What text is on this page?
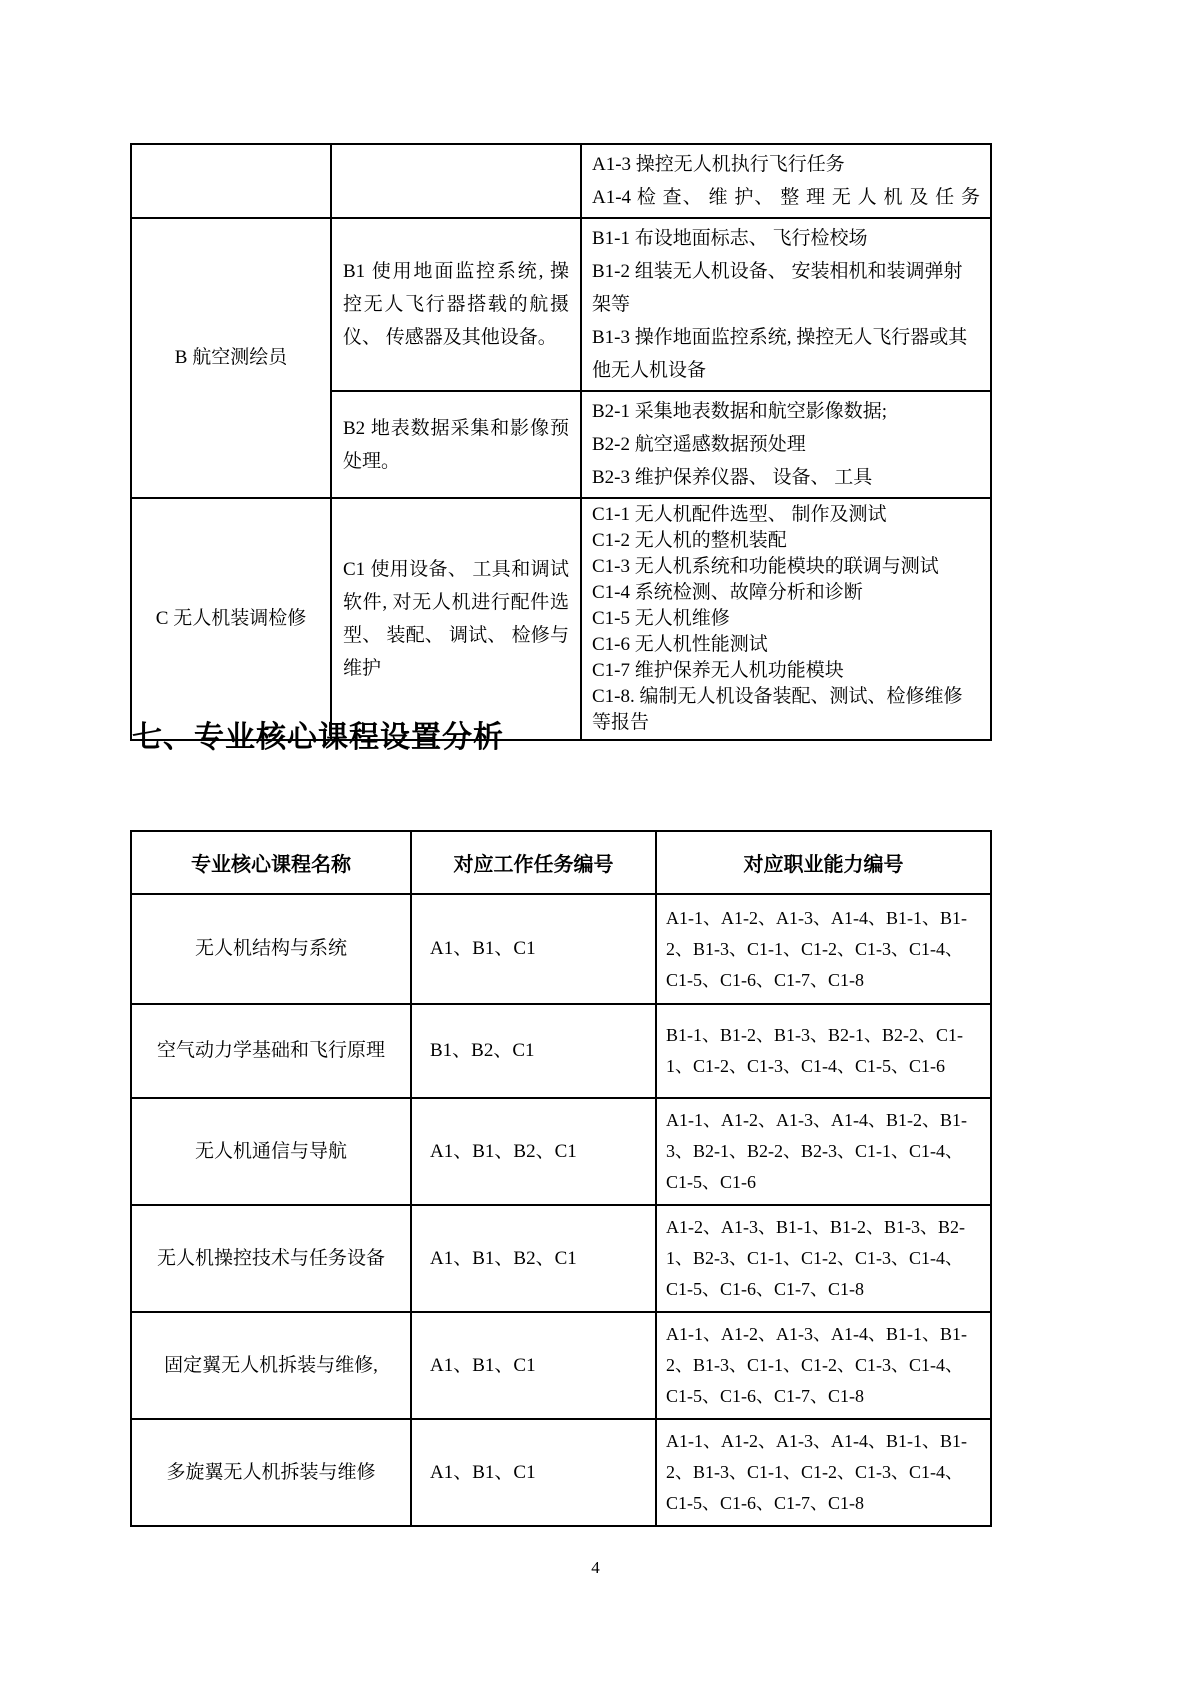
		A1-3 操控无人机执行飞行任务
A1-4 检 查、 维 护、 整 理 无 人 机 及 任 务

B 航空测绘员	B1 使用地面监控系统, 操控无人飞行器搭载的航摄仪、 传感器及其他设备。	B1-1 布设地面标志、 飞行检校场
B1-2 组装无人机设备、 安装相机和装调弹射架等
B1-3 操作地面监控系统, 操控无人飞行器或其他无人机设备

	B2 地表数据采集和影像预处理。	B2-1 采集地表数据和航空影像数据;
B2-2 航空遥感数据预处理
B2-3 维护保养仪器、 设备、 工具

C 无人机装调检修	C1 使用设备、 工具和调试软件, 对无人机进行配件选型、 装配、 调试、 检修与维护	
C1-1 无人机配件选型、 制作及测试
C1-2 无人机的整机装配
C1-3 无人机系统和功能模块的联调与测试
C1-4 系统检测、故障分析和诊断
C1-5 无人机维修
C1-6 无人机性能测试
C1-7 维护保养无人机功能模块
C1-8. 编制无人机设备装配、测试、检修维修等报告
七、专业核心课程设置分析
专业核心课程名称	对应工作任务编号	对应职业能力编号
无人机结构与系统	A1、B1、C1	A1-1、A1-2、A1-3、A1-4、B1-1、B1-2、B1-3、C1-1、C1-2、C1-3、C1-4、C1-5、C1-6、C1-7、C1-8
空气动力学基础和飞行原理	B1、B2、C1	B1-1、B1-2、B1-3、B2-1、B2-2、C1-1、C1-2、C1-3、C1-4、C1-5、C1-6
无人机通信与导航	A1、B1、B2、C1	A1-1、A1-2、A1-3、A1-4、B1-2、B1-3、B2-1、B2-2、B2-3、C1-1、C1-4、C1-5、C1-6
无人机操控技术与任务设备	A1、B1、B2、C1	A1-2、A1-3、B1-1、B1-2、B1-3、B2-1、B2-3、C1-1、C1-2、C1-3、C1-4、C1-5、C1-6、C1-7、C1-8
固定翼无人机拆装与维修,	A1、B1、C1	A1-1、A1-2、A1-3、A1-4、B1-1、B1-2、B1-3、C1-1、C1-2、C1-3、C1-4、C1-5、C1-6、C1-7、C1-8
多旋翼无人机拆装与维修	A1、B1、C1	A1-1、A1-2、A1-3、A1-4、B1-1、B1-2、B1-3、C1-1、C1-2、C1-3、C1-4、C1-5、C1-6、C1-7、C1-8
4
